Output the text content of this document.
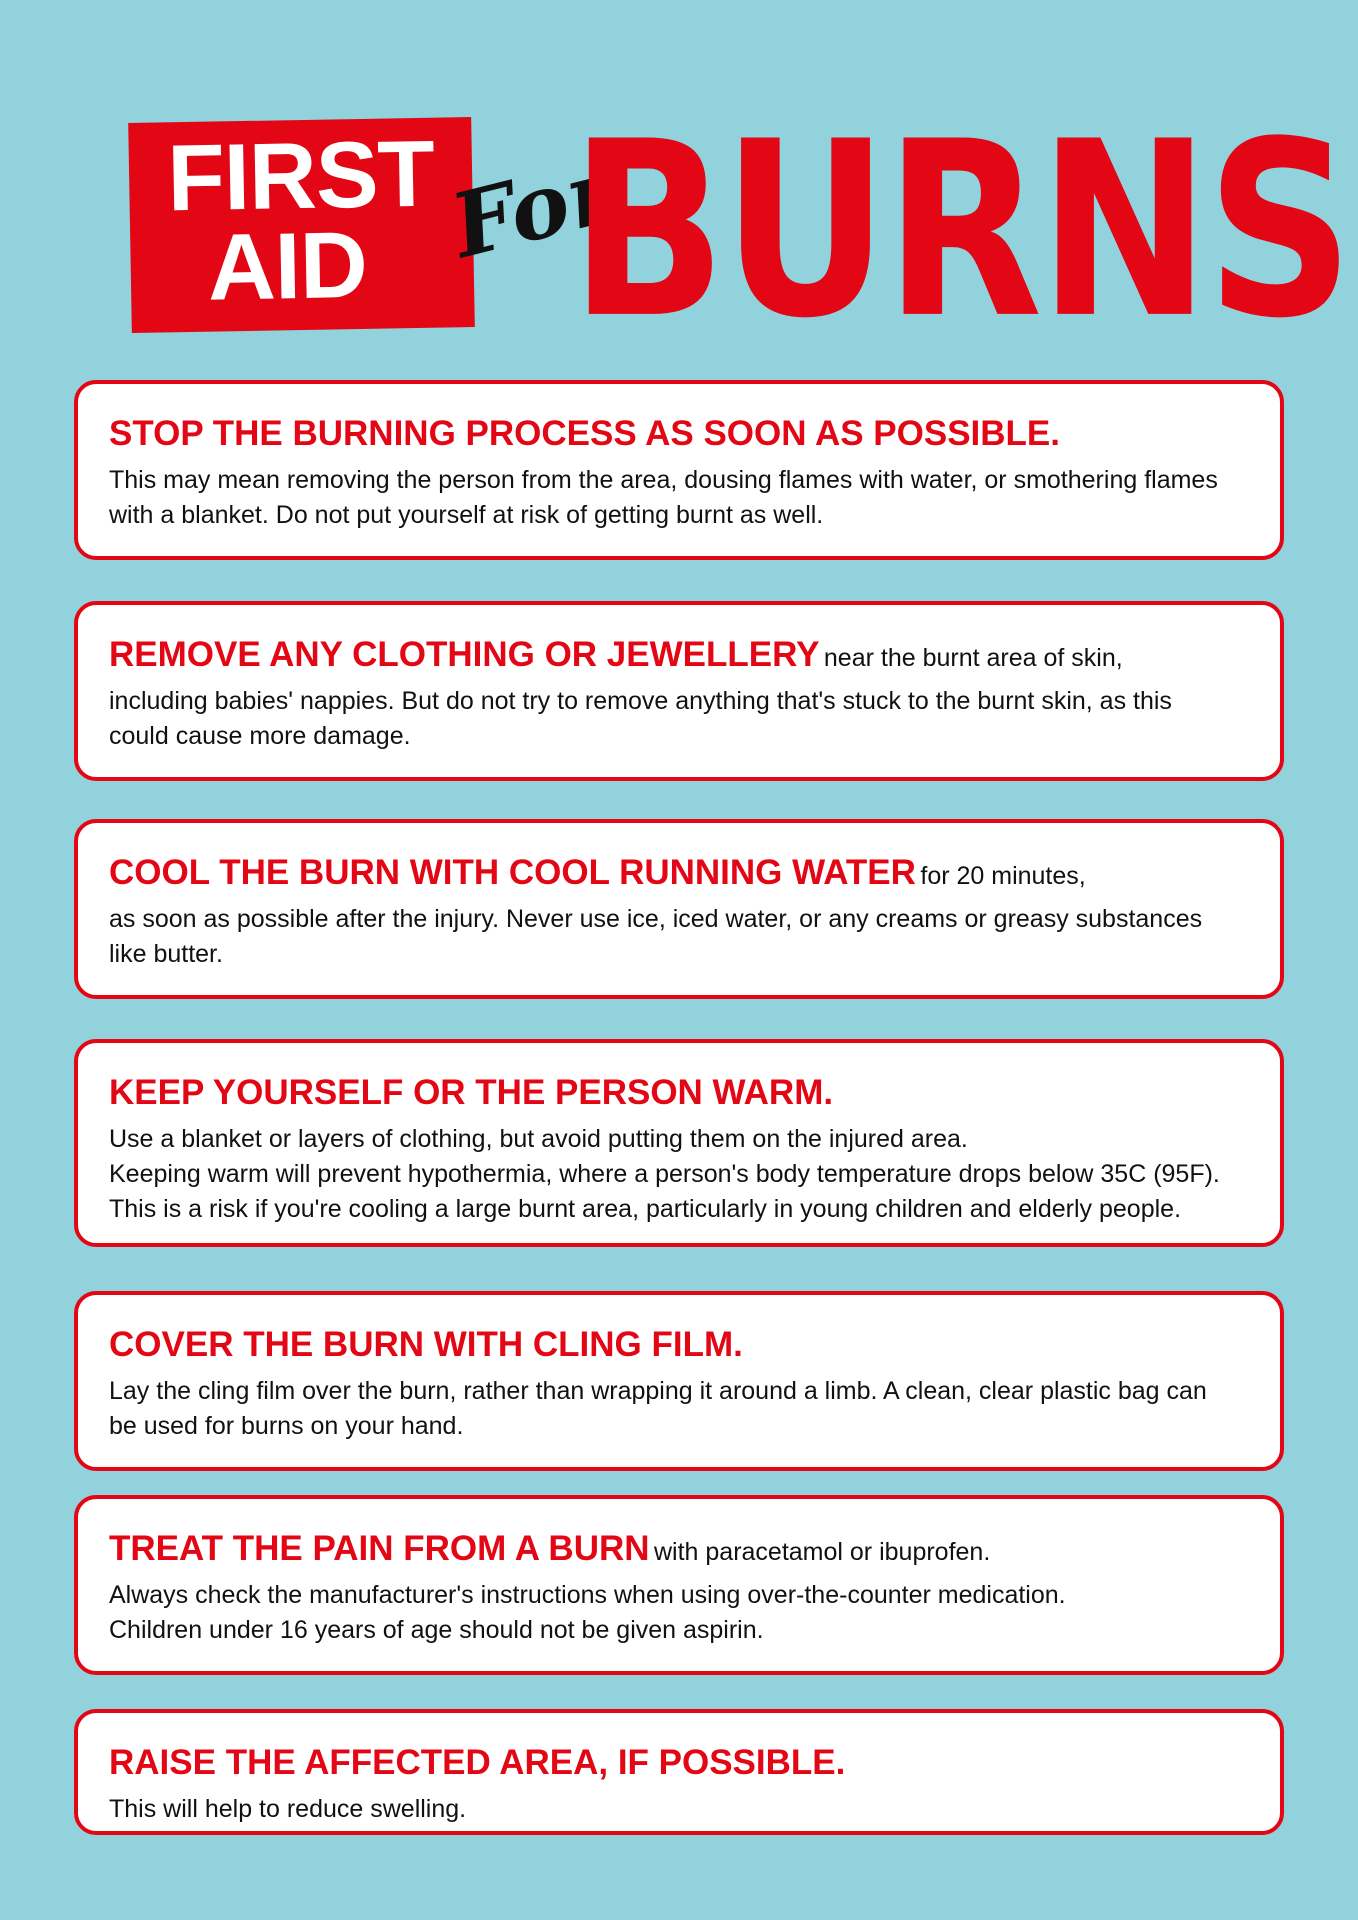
FIRST
AID For
BURNS
STOP THE BURNING PROCESS AS SOON AS POSSIBLE.

This may mean removing the person from the area, dousing flames with water, or smothering flames
with a blanket. Do not put yourself at risk of getting burnt as well.

REMOVE ANY CLOTHING OR JEWELLERY near the burnt area of skin,

including babies' nappies. But do not try to remove anything that's stuck to the burnt skin, as this
could cause more damage.

COOL THE BURN WITH COOL RUNNING WATER for 20 minutes,

as soon as possible after the injury. Never use ice, iced water, or any creams or greasy substances
like butter.

KEEP YOURSELF OR THE PERSON WARM.

Use a blanket or layers of clothing, but avoid putting them on the injured area.
Keeping warm will prevent hypothermia, where a person's body temperature drops below 35C (95F).
This is a risk if you're cooling a large burnt area, particularly in young children and elderly people.

COVER THE BURN WITH CLING FILM.

Lay the cling film over the burn, rather than wrapping it around a limb. A clean, clear plastic bag can
be used for burns on your hand.

TREAT THE PAIN FROM A BURN with paracetamol or ibuprofen.

Always check the manufacturer's instructions when using over-the-counter medication.
Children under 16 years of age should not be given aspirin.

RAISE THE AFFECTED AREA, IF POSSIBLE.

This will help to reduce swelling.
